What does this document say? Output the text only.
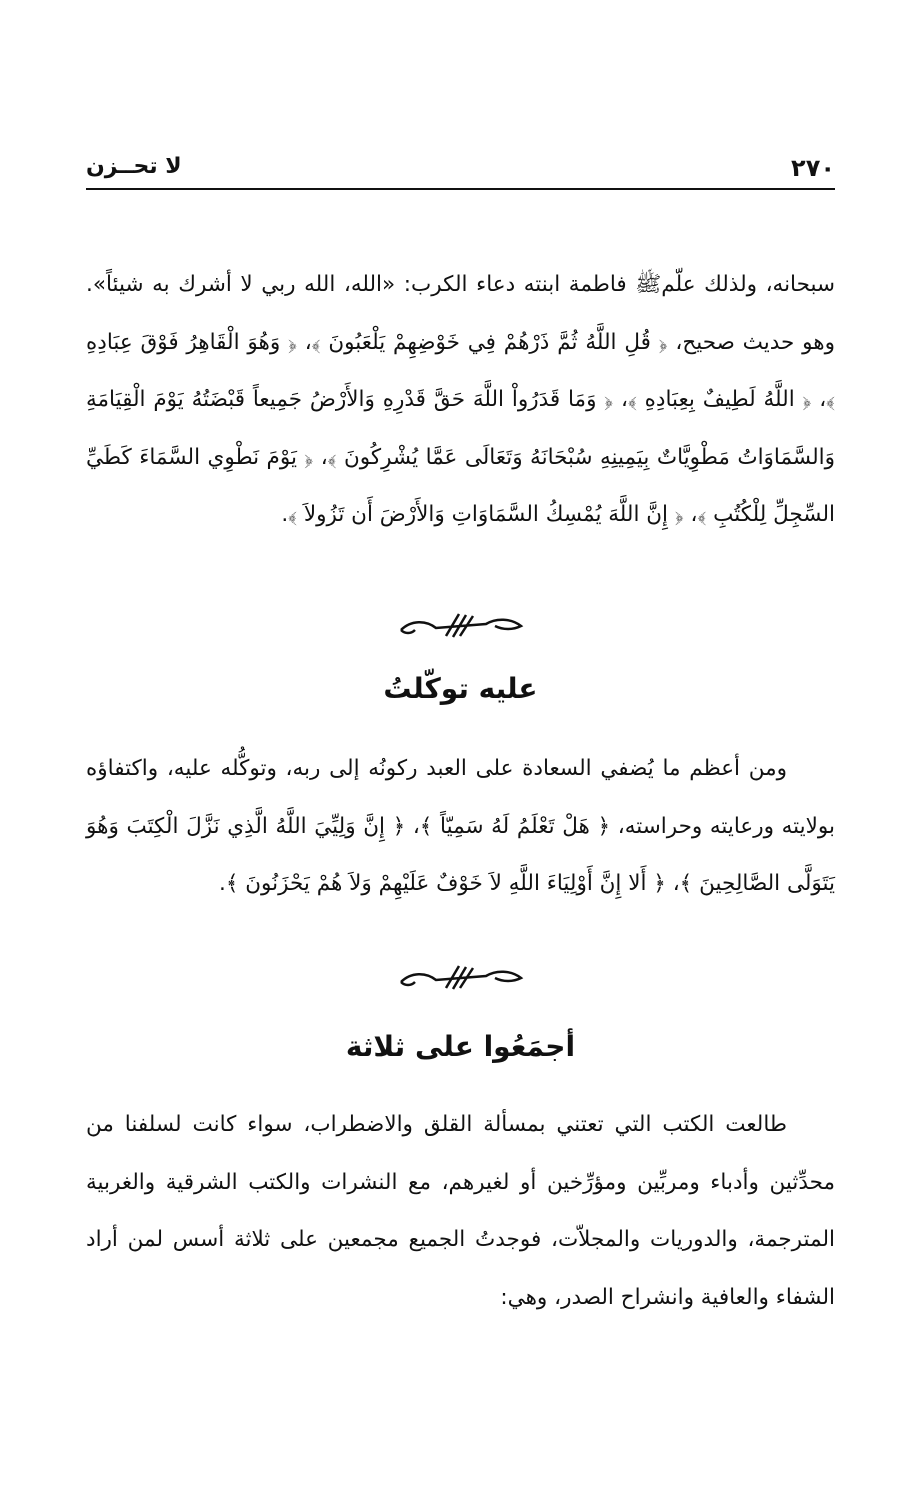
٢٧٠
لا تحــزن

سبحانه، ولذلك علّمﷺ فاطمة ابنته دعاء الكرب: «الله، الله ربي لا أشرك به شيئاً». وهو حديث صحيح، ﴿ قُلِ اللَّهُ ثُمَّ ذَرْهُمْ فِي خَوْضِهِمْ يَلْعَبُونَ ﴾، ﴿ وَهُوَ الْقَاهِرُ فَوْقَ عِبَادِهِ ﴾، ﴿ اللَّهُ لَطِيفٌ بِعِبَادِهِ ﴾، ﴿ وَمَا قَدَرُواْ اللَّهَ حَقَّ قَدْرِهِ وَالأَرْضُ جَمِيعاً قَبْضَتُهُ يَوْمَ الْقِيَامَةِ وَالسَّمَاوَاتُ مَطْوِيَّاتٌ بِيَمِينِهِ سُبْحَانَهُ وَتَعَالَى عَمَّا يُشْرِكُونَ ﴾، ﴿ يَوْمَ نَطْوِي السَّمَاءَ كَطَيِّ السِّجِلِّ لِلْكُتُبِ ﴾، ﴿ إِنَّ اللَّهَ يُمْسِكُ السَّمَاوَاتِ وَالأَرْضَ أَن تَزُولاَ ﴾.

عليه توكّلتُ

ومن أعظم ما يُضفي السعادة على العبد ركونُه إلى ربه، وتوكُّله عليه، واكتفاؤه بولايته ورعايته وحراسته، ﴿ هَلْ تَعْلَمُ لَهُ سَمِيّاً ﴾، ﴿ إِنَّ وَلِيِّيَ اللَّهُ الَّذِي نَزَّلَ الْكِتَبَ وَهُوَ يَتَوَلَّى الصَّالِحِينَ ﴾، ﴿ أَلا إِنَّ أَوْلِيَاءَ اللَّهِ لاَ خَوْفٌ عَلَيْهِمْ وَلاَ هُمْ يَحْزَنُونَ ﴾.

أجمَعُوا على ثلاثة

طالعت الكتب التي تعتني بمسألة القلق والاضطراب، سواء كانت لسلفنا من محدِّثين وأدباء ومربِّين ومؤرِّخين أو لغيرهم، مع النشرات والكتب الشرقية والغربية المترجمة، والدوريات والمجلاّت، فوجدتُ الجميع مجمعين على ثلاثة أسس لمن أراد الشفاء والعافية وانشراح الصدر، وهي:
